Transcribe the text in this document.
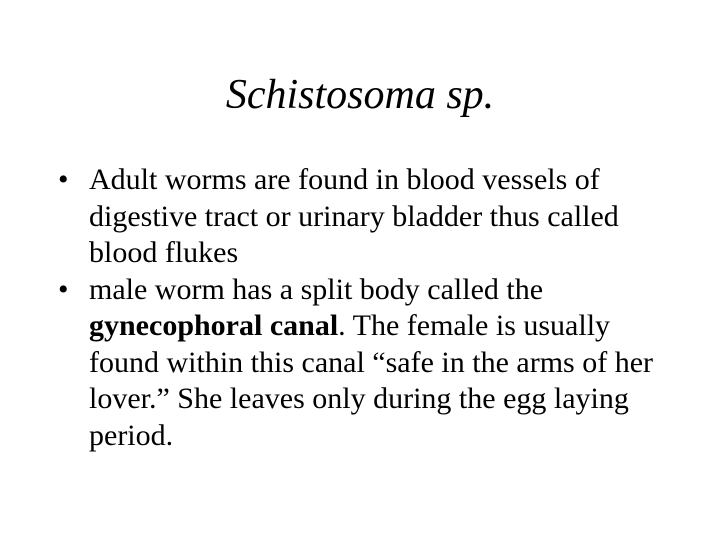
Schistosoma sp.
• Adult worms are found in blood vessels of digestive tract or urinary bladder thus called blood flukes
• male worm has a split body called the gynecophoral canal. The female is usually found within this canal “safe in the arms of her lover.” She leaves only during the egg laying period.
